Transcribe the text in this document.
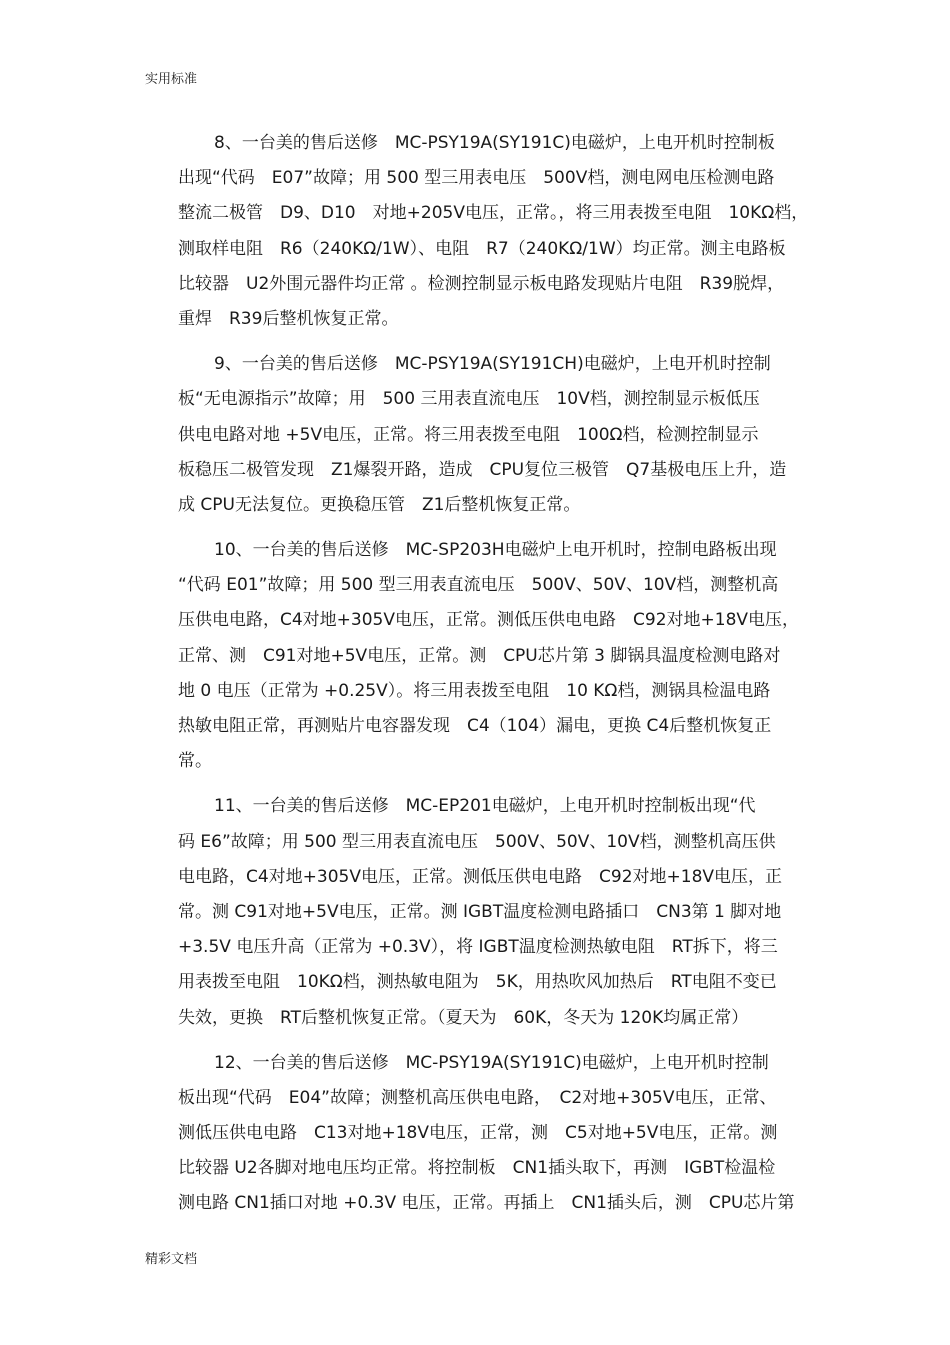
实用标准
8、一台美的售后送修　MC-PSY19A(SY191C)电磁炉，上电开机时控制板
出现“代码　E07”故障；用 500 型三用表电压　500V档，测电网电压检测电路
整流二极管　D9、D10　对地+205V电压，正常。，将三用表拨至电阻　10KΩ档，
测取样电阻　R6（240KΩ/1W）、电阻　R7（240KΩ/1W）均正常。测主电路板
比较器　U2外围元器件均正常 。检测控制显示板电路发现贴片电阻　R39脱焊，
重焊　R39后整机恢复正常。
9、一台美的售后送修　MC-PSY19A(SY191CH)电磁炉，上电开机时控制
板“无电源指示”故障；用　500 三用表直流电压　10V档，测控制显示板低压
供电电路对地 +5V电压，正常。将三用表拨至电阻　100Ω档，检测控制显示
板稳压二极管发现　Z1爆裂开路，造成　CPU复位三极管　Q7基极电压上升，造
成 CPU无法复位。更换稳压管　Z1后整机恢复正常。
10、一台美的售后送修　MC-SP203H电磁炉上电开机时，控制电路板出现
“代码 E01”故障；用 500 型三用表直流电压　500V、50V、10V档，测整机高
压供电电路，C4对地+305V电压，正常。测低压供电电路　C92对地+18V电压，
正常、测　C91对地+5V电压，正常。测　CPU芯片第 3 脚锅具温度检测电路对
地 0 电压（正常为 +0.25V）。将三用表拨至电阻　10 KΩ档，测锅具检温电路
热敏电阻正常，再测贴片电容器发现　C4（104）漏电，更换 C4后整机恢复正
常。
11、一台美的售后送修　MC-EP201电磁炉，上电开机时控制板出现“代
码 E6”故障；用 500 型三用表直流电压　500V、50V、10V档，测整机高压供
电电路，C4对地+305V电压，正常。测低压供电电路　C92对地+18V电压，正
常。测 C91对地+5V电压，正常。测 IGBT温度检测电路插口　CN3第 1 脚对地
+3.5V 电压升高（正常为 +0.3V），将 IGBT温度检测热敏电阻　RT拆下，将三
用表拨至电阻　10KΩ档，测热敏电阻为　5K，用热吹风加热后　RT电阻不变已
失效，更换　RT后整机恢复正常。（夏天为　60K，冬天为 120K均属正常）
12、一台美的售后送修　MC-PSY19A(SY191C)电磁炉，上电开机时控制
板出现“代码　E04”故障；测整机高压供电电路，　C2对地+305V电压，正常、
测低压供电电路　C13对地+18V电压，正常，测　C5对地+5V电压，正常。测
比较器 U2各脚对地电压均正常。将控制板　CN1插头取下，再测　IGBT检温检
测电路 CN1插口对地 +0.3V 电压，正常。再插上　CN1插头后，测　CPU芯片第
精彩文档
